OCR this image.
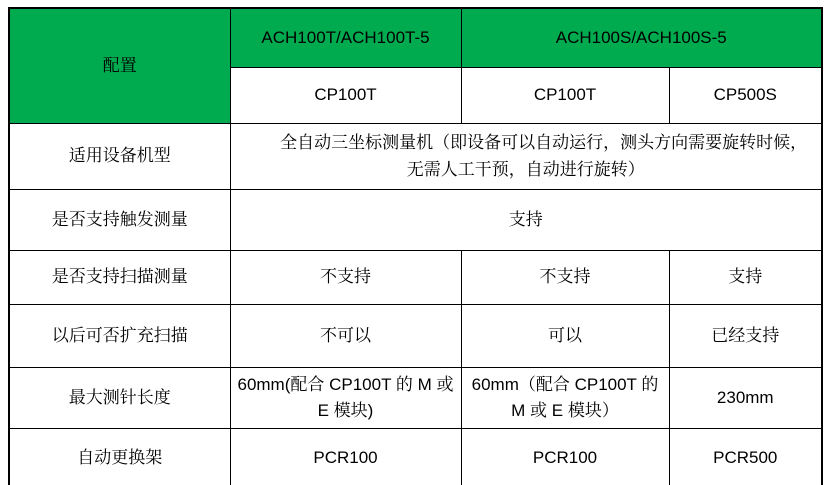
配置	ACH100T/ACH100T-5	ACH100S/ACH100S-5	
	CP100T	CP100T	CP500S
适用设备机型	全自动三坐标测量机（即设备可以自动运行，测头方向需要旋转时候，无需人工干预，自动进行旋转）		
是否支持触发测量	支持		
是否支持扫描测量	不支持	不支持	支持
以后可否扩充扫描	不可以	可以	已经支持
最大测针长度	60mm(配合 CP100T 的 M 或 E 模块)	60mm（配合 CP100T 的 M 或 E 模块）	230mm
自动更换架	PCR100	PCR100	PCR500
